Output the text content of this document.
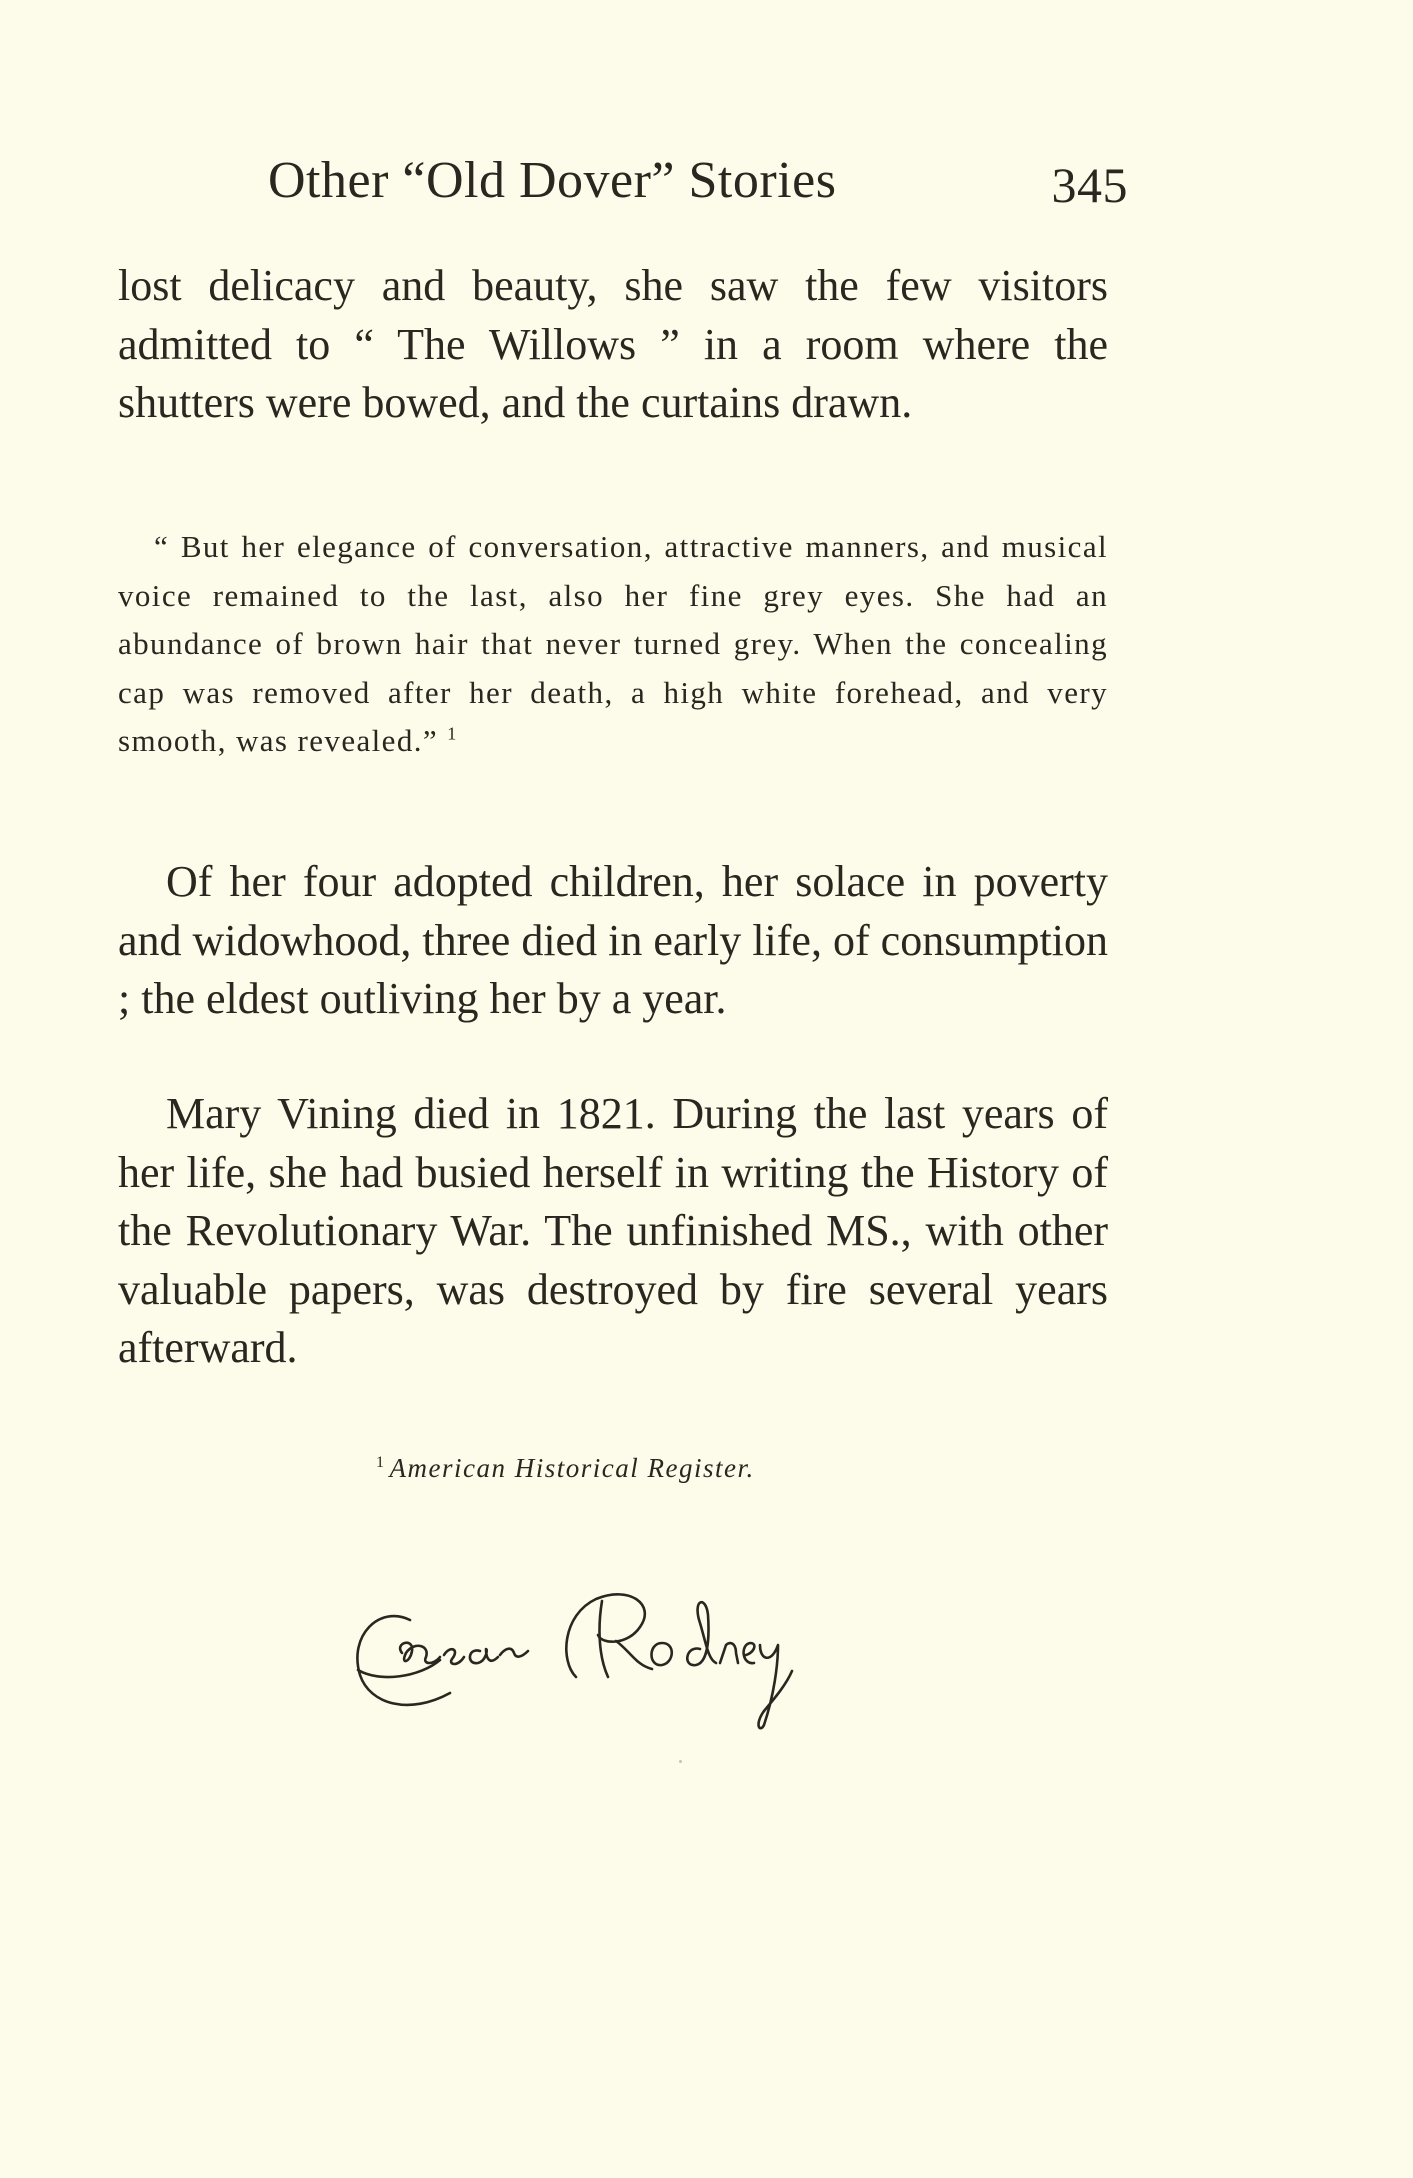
Other “Old Dover” Stories	345

lost delicacy and beauty, she saw the few visitors admitted to “ The Willows ” in a room where the shutters were bowed, and the curtains drawn.

“ But her elegance of conversation, attractive manners, and musical voice remained to the last, also her fine grey eyes. She had an abundance of brown hair that never turned grey. When the concealing cap was removed after her death, a high white forehead, and very smooth, was revealed.” $^1$

Of her four adopted children, her solace in poverty and widowhood, three died in early life, of consumption ; the eldest outliving her by a year.

Mary Vining died in 1821. During the last years of her life, she had busied herself in writing the History of the Revolutionary War. The unfinished MS., with other valuable papers, was destroyed by fire several years afterward.

$^1$ American Historical Register.
